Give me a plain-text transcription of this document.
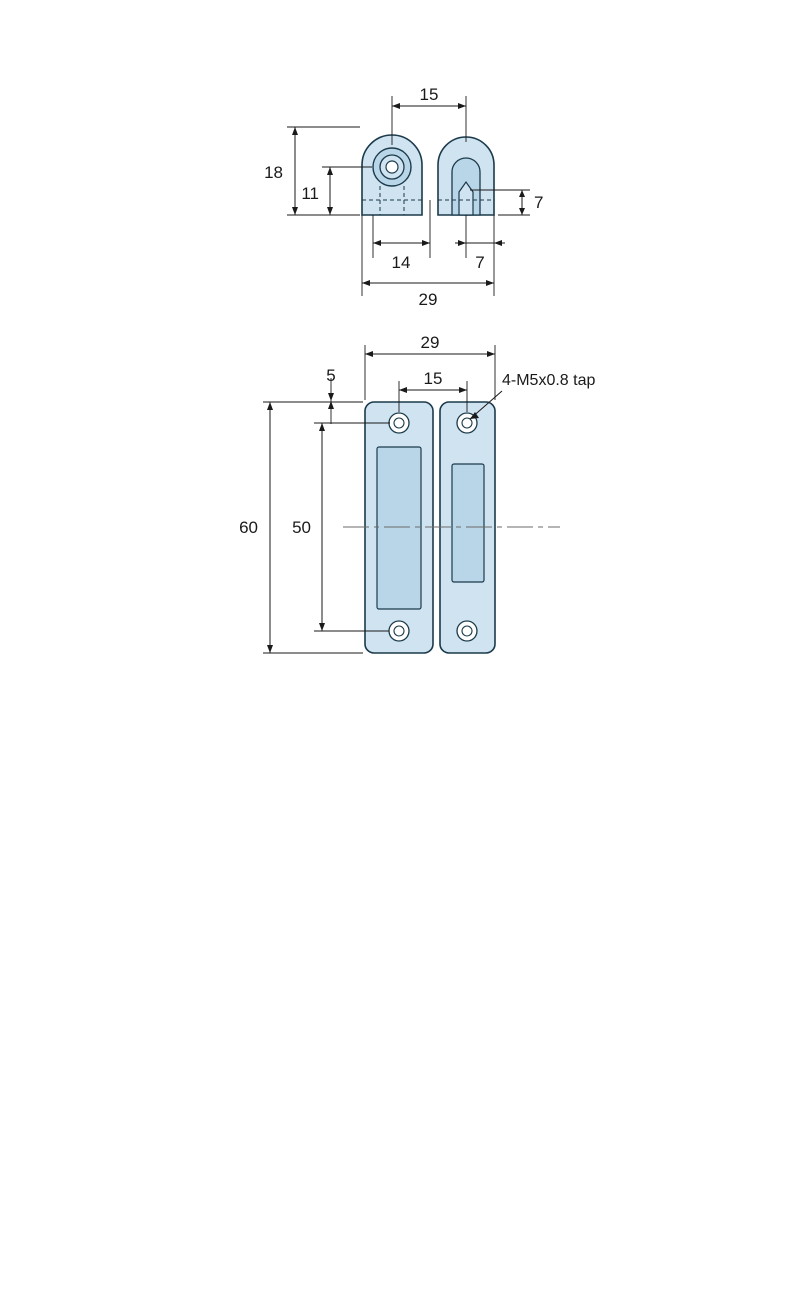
15
18
11	7
14	7
29
29
15
5
60 50
4-M5x0.8 tap
